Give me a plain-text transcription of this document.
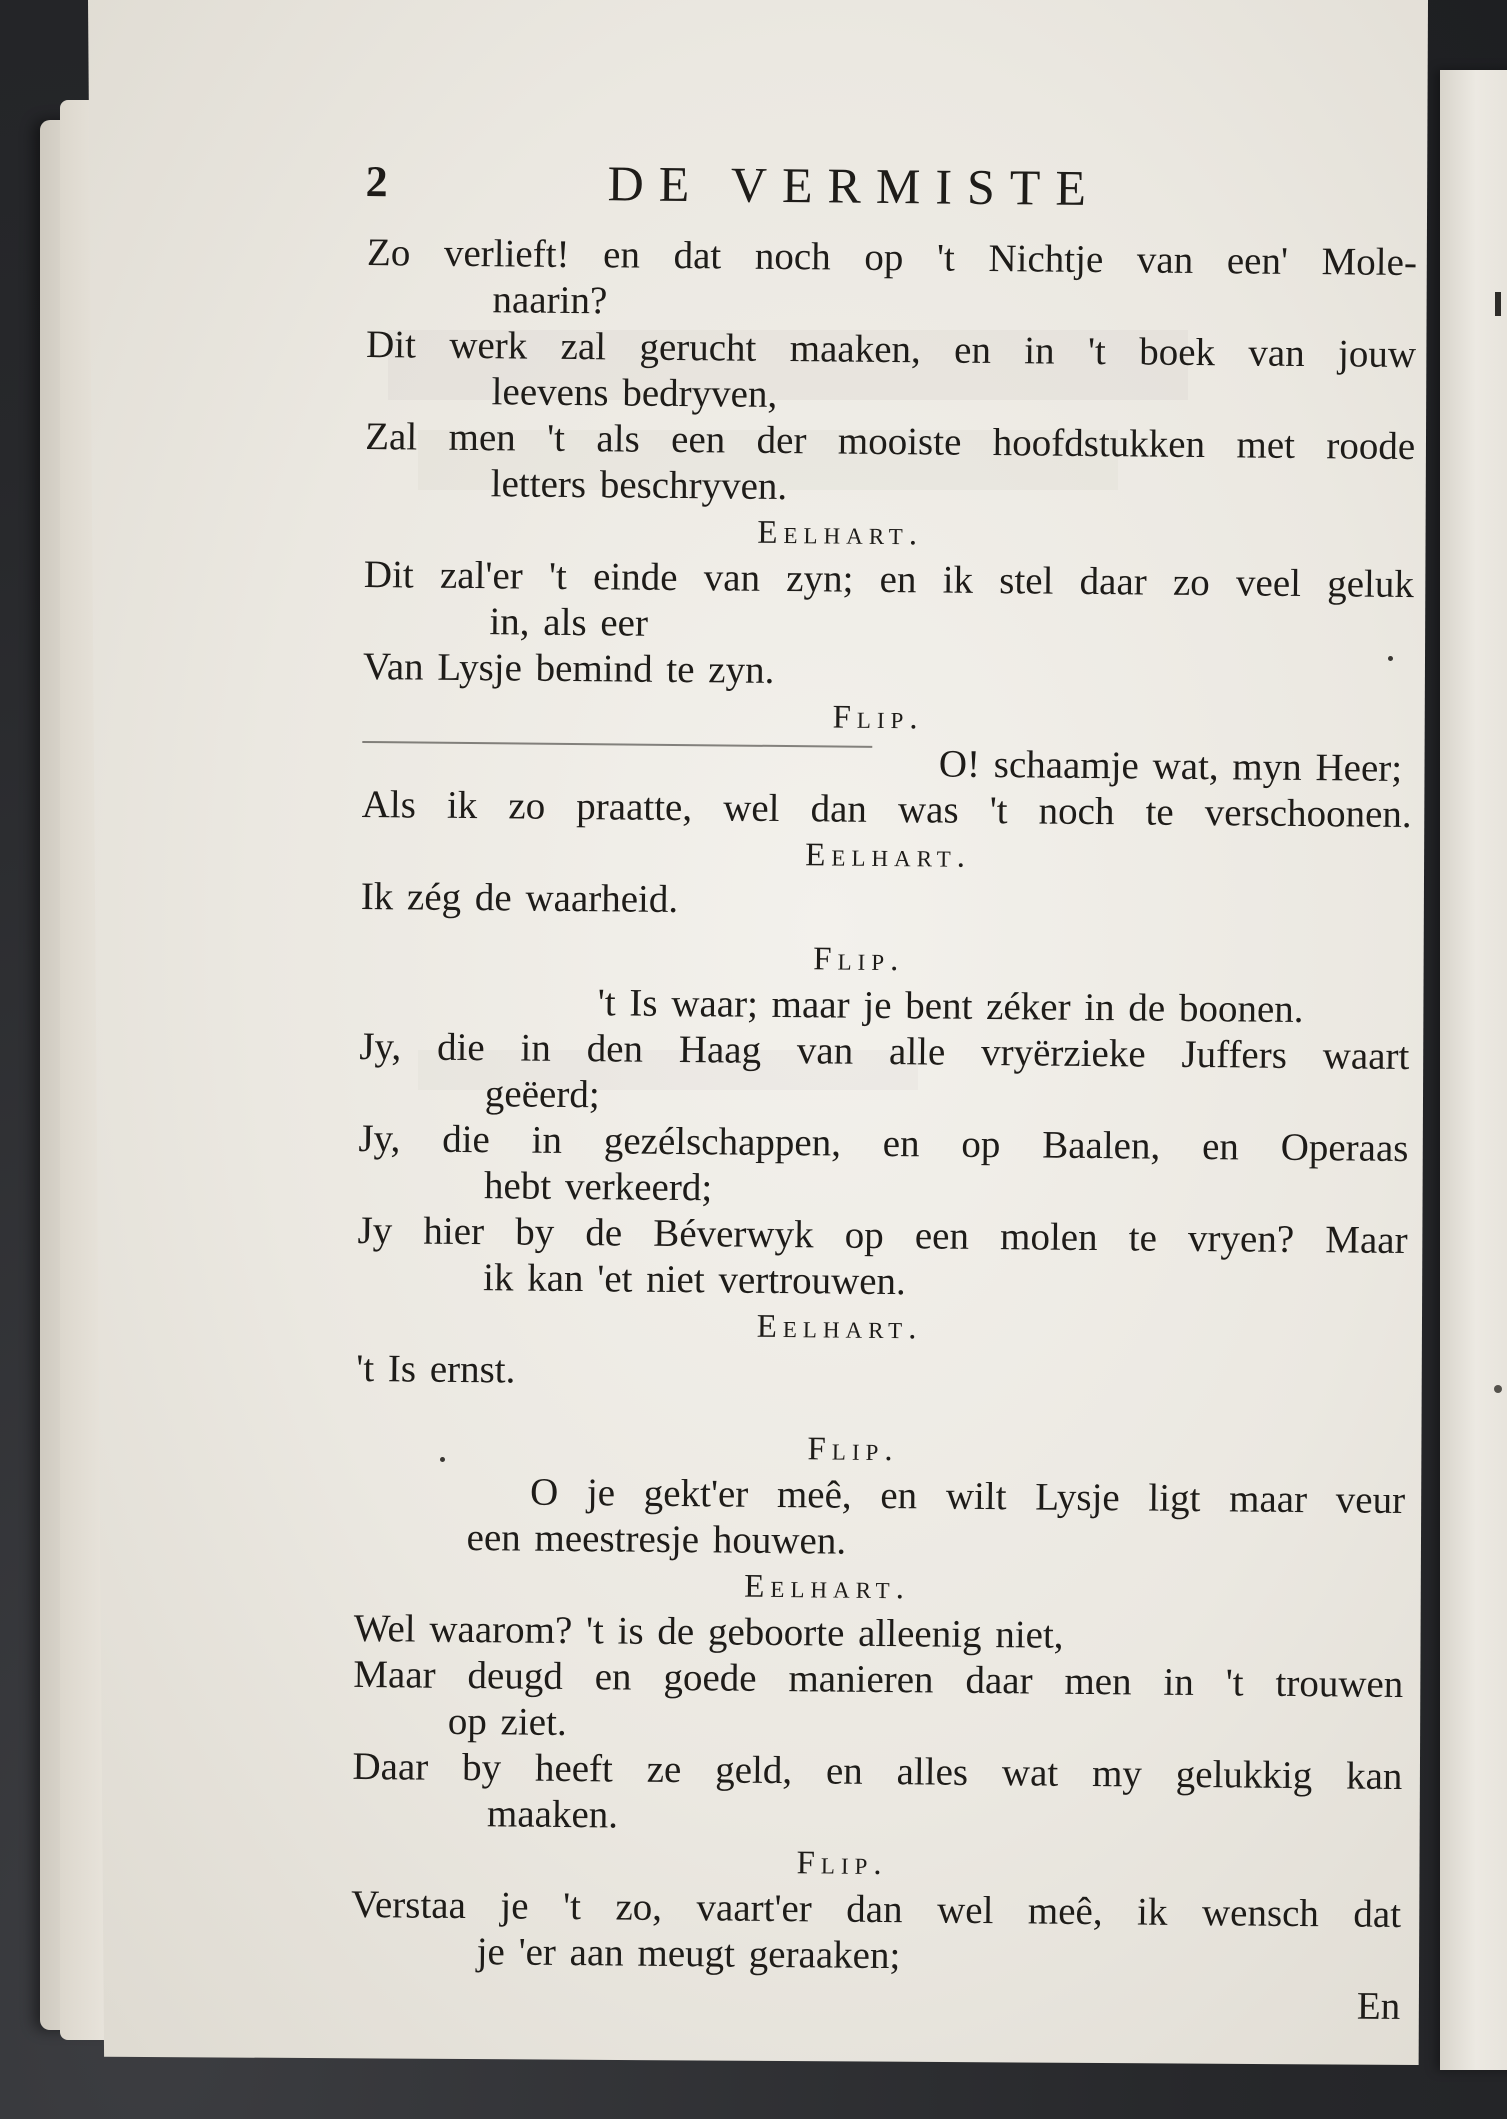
2	DE VERMISTE
Zo verlieft! en dat noch op 't Nichtje van een' Mole-
naarin?
Dit werk zal gerucht maaken, en in 't boek van jouw
leevens bedryven,
Zal men 't als een der mooiste hoofdstukken met roode
letters beschryven.
Eelhart.
Dit zal'er 't einde van zyn; en ik stel daar zo veel geluk
in, als eer
Van Lysje bemind te zyn.
Flip.
O! schaamje wat, myn Heer;
Als ik zo praatte, wel dan was 't noch te verschoonen.
Eelhart.
Ik zég de waarheid.
Flip.
't Is waar; maar je bent zéker in de boonen.
Jy, die in den Haag van alle vryërzieke Juffers waart
geëerd;
Jy, die in gezélschappen, en op Baalen, en Operaas
hebt verkeerd;
Jy hier by de Béverwyk op een molen te vryen? Maar
ik kan 'et niet vertrouwen.
Eelhart.
't Is ernst.
Flip.
O je gekt'er meê, en wilt Lysje ligt maar veur
een meestresje houwen.
Eelhart.
Wel waarom? 't is de geboorte alleenig niet,
Maar deugd en goede manieren daar men in 't trouwen
op ziet.
Daar by heeft ze geld, en alles wat my gelukkig kan
maaken.
Flip.
Verstaa je 't zo, vaart'er dan wel meê, ik wensch dat
je 'er aan meugt geraaken;
En
